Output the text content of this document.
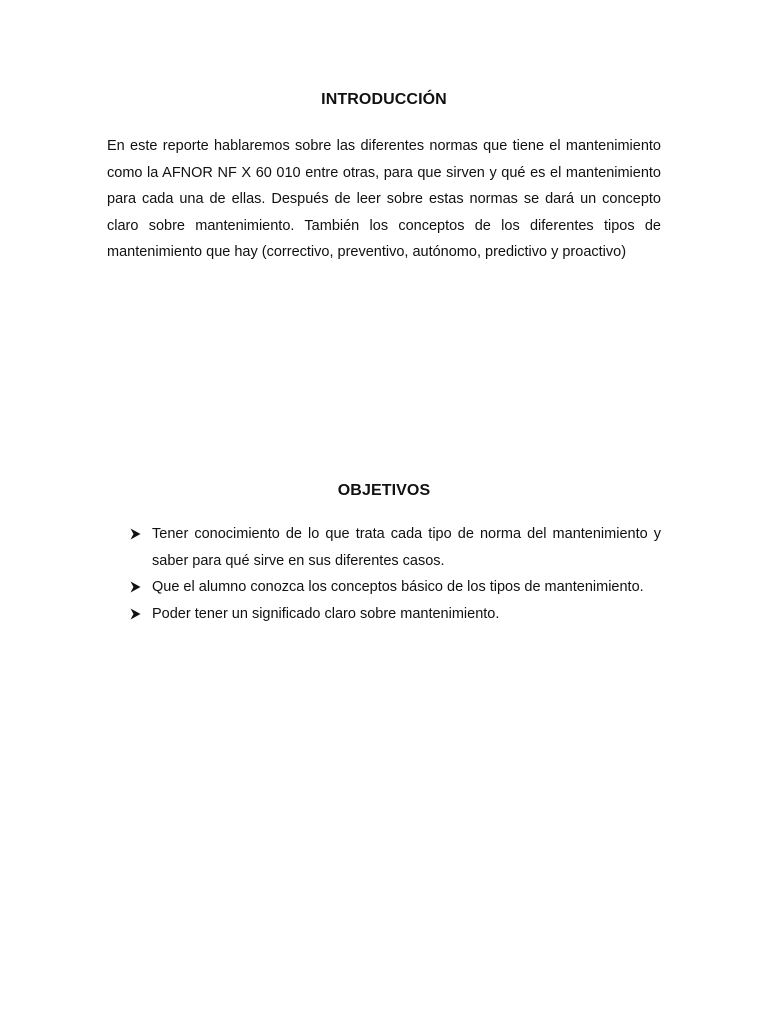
INTRODUCCIÓN

En este reporte hablaremos sobre las diferentes normas que tiene el mantenimiento como la AFNOR NF X 60 010 entre otras, para que sirven y qué es el mantenimiento para cada una de ellas. Después de leer sobre estas normas se dará un concepto claro sobre mantenimiento. También los conceptos de los diferentes tipos de mantenimiento que hay (correctivo, preventivo, autónomo, predictivo y proactivo)

OBJETIVOS
Tener conocimiento de lo que trata cada tipo de norma del mantenimiento y saber para qué sirve en sus diferentes casos.
Que el alumno conozca los conceptos básico de los tipos de mantenimiento.
Poder tener un significado claro sobre mantenimiento.
